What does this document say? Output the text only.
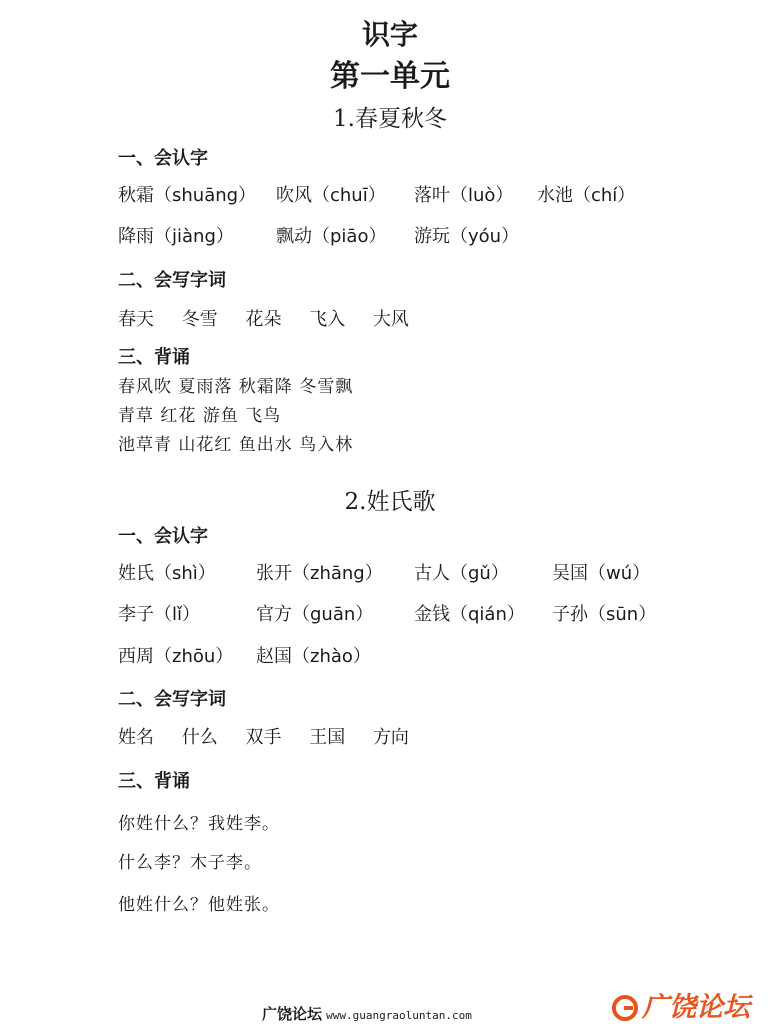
识字
第一单元
1.春夏秋冬
一、会认字
秋霜（shuāng） 吹风（chuī） 落叶（luò） 水池（chí）
降雨（jiàng） 飘动（piāo） 游玩（yóu）
二、会写字词
春天 冬雪 花朵 飞入 大风
三、背诵
春风吹 夏雨落 秋霜降 冬雪飘
青草 红花 游鱼 飞鸟
池草青 山花红 鱼出水 鸟入林
2.姓氏歌
一、会认字
姓氏（shì） 张开（zhāng） 古人（gǔ） 吴国（wú）
李子（lǐ）	官方（guān） 金钱（qián） 子孙（sūn）
西周（zhōu） 赵国（zhào）
二、会写字词
姓名 什么 双手 王国 方向
三、背诵
你姓什么？我姓李。
什么李？木子李。
他姓什么？他姓张。
广饶论坛 www.guangraoluntan.com	广饶论坛
